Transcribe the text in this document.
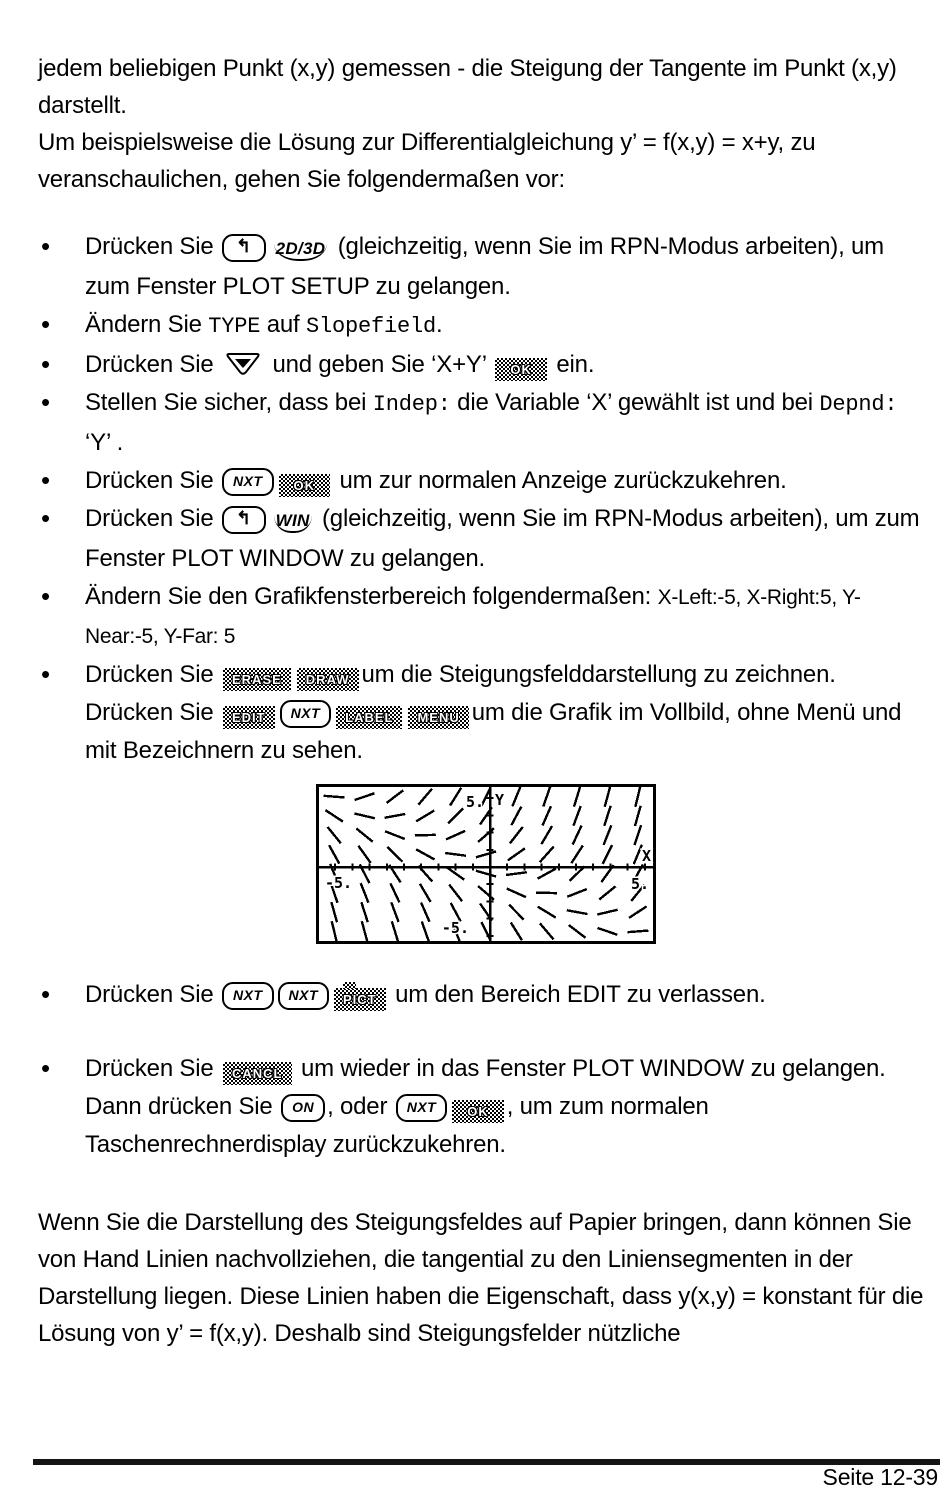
jedem beliebigen Punkt (x,y) gemessen - die Steigung der Tangente im Punkt (x,y) darstellt.

Um beispielsweise die Lösung zur Differentialgleichung y’ = f(x,y) = x+y, zu veranschaulichen, gehen Sie folgendermaßen vor:

• Drücken Sie ↰ 2D/3D (gleichzeitig, wenn Sie im RPN-Modus arbeiten), um zum Fenster PLOT SETUP zu gelangen.
• Ändern Sie TYPE auf Slopefield.
• Drücken Sie  und geben Sie ‘X+Y’ OK ein.
• Stellen Sie sicher, dass bei Indep: die Variable ‘X’ gewählt ist und bei Depnd: ‘Y’ .
• Drücken Sie NXT OK um zur normalen Anzeige zurückzukehren.
• Drücken Sie ↰ WIN (gleichzeitig, wenn Sie im RPN-Modus arbeiten), um zum Fenster PLOT WINDOW zu gelangen.
• Ändern Sie den Grafikfensterbereich folgendermaßen: X-Left:-5, X-Right:5, Y-Near:-5, Y-Far: 5
• Drücken Sie ERASE DRAW um die Steigungsfelddarstellung zu zeichnen. Drücken Sie EDIT NXT LABEL MENU um die Grafik im Vollbild, ohne Menü und mit Bezeichnern zu sehen.
5. Y
-5.	5.
-5.
X
• Drücken Sie NXT NXT PICT um den Bereich EDIT zu verlassen.
• Drücken Sie CANCL um wieder in das Fenster PLOT WINDOW zu gelangen. Dann drücken Sie ON , oder NXT OK , um zum normalen Taschenrechnerdisplay zurückzukehren.

Wenn Sie die Darstellung des Steigungsfeldes auf Papier bringen, dann können Sie von Hand Linien nachvollziehen, die tangential zu den Liniensegmenten in der Darstellung liegen. Diese Linien haben die Eigenschaft, dass y(x,y) = konstant für die Lösung von y’ = f(x,y). Deshalb sind Steigungsfelder nützliche

Seite 12-39
